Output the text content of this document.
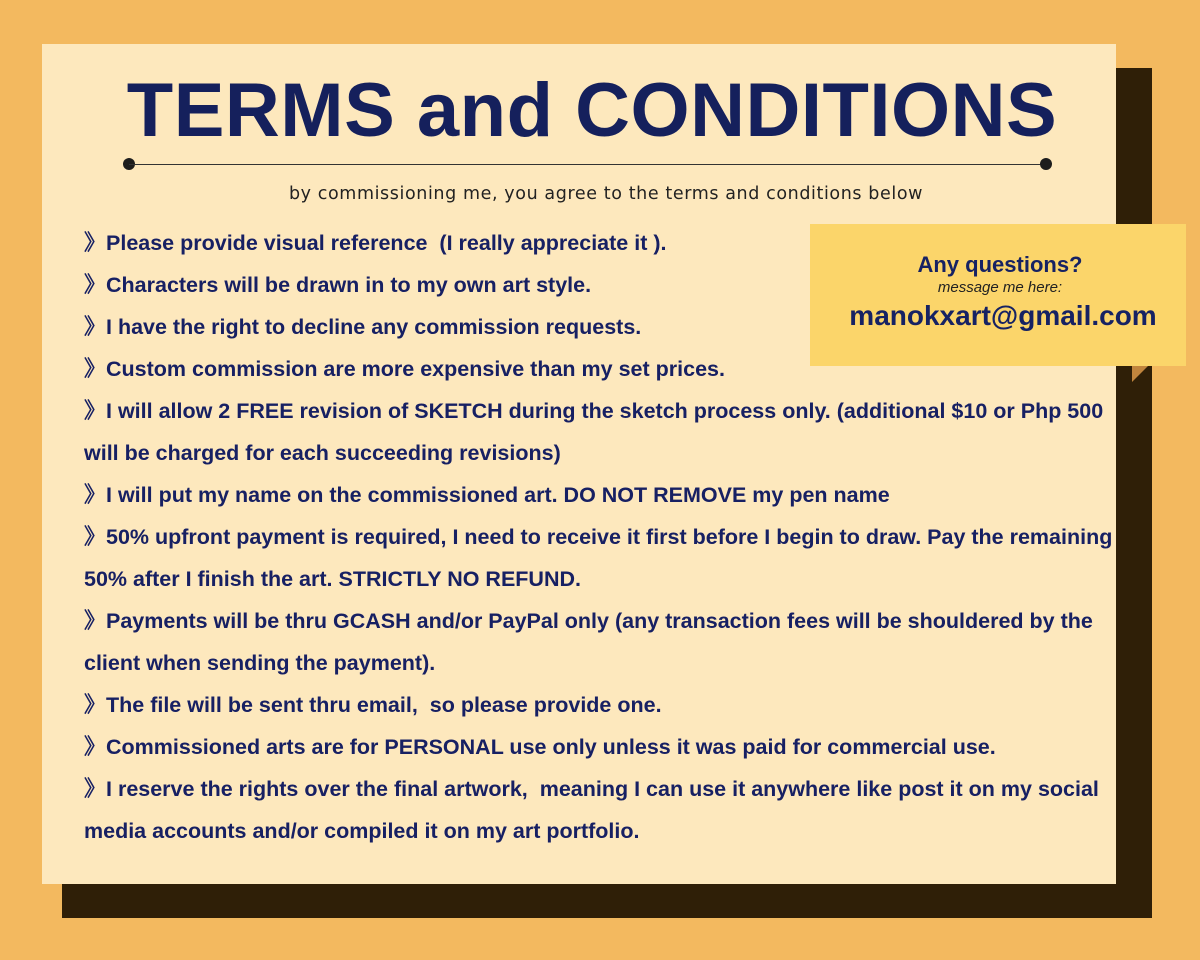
TERMS and CONDITIONS
by commissioning me, you agree to the terms and conditions below
》Please provide visual reference  (I really appreciate it ).
》Characters will be drawn in to my own art style.
》I have the right to decline any commission requests.
》Custom commission are more expensive than my set prices.
》I will allow 2 FREE revision of SKETCH during the sketch process only. (additional $10 or Php 500
will be charged for each succeeding revisions)
》I will put my name on the commissioned art. DO NOT REMOVE my pen name
》50% upfront payment is required, I need to receive it first before I begin to draw. Pay the remaining
50% after I finish the art. STRICTLY NO REFUND.
》Payments will be thru GCASH and/or PayPal only (any transaction fees will be shouldered by the
client when sending the payment).
》The file will be sent thru email,  so please provide one.
》Commissioned arts are for PERSONAL use only unless it was paid for commercial use.
》I reserve the rights over the final artwork,  meaning I can use it anywhere like post it on my social
media accounts and/or compiled it on my art portfolio.
Any questions?
message me here:
manokxart@gmail.com
